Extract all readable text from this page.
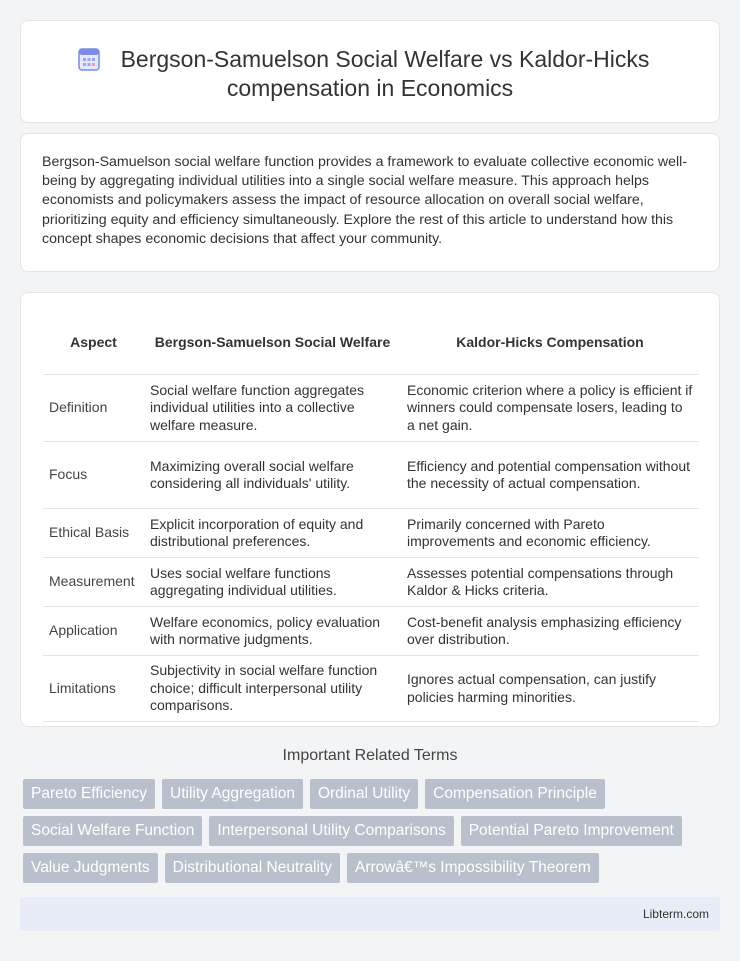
Bergson-Samuelson Social Welfare vs Kaldor-Hicks
compensation in Economics

Bergson-Samuelson social welfare function provides a framework to evaluate collective economic well-being by aggregating individual utilities into a single social welfare measure. This approach helps economists and policymakers assess the impact of resource allocation on overall social welfare, prioritizing equity and efficiency simultaneously. Explore the rest of this article to understand how this concept shapes economic decisions that affect your community.

Aspect	Bergson-Samuelson Social Welfare	Kaldor-Hicks Compensation
Definition	Social welfare function aggregates individual utilities into a collective welfare measure.	Economic criterion where a policy is efficient if winners could compensate losers, leading to a net gain.
Focus	Maximizing overall social welfare considering all individuals' utility.	Efficiency and potential compensation without the necessity of actual compensation.
Ethical Basis	Explicit incorporation of equity and distributional preferences.	Primarily concerned with Pareto improvements and economic efficiency.
Measurement	Uses social welfare functions aggregating individual utilities.	Assesses potential compensations through Kaldor & Hicks criteria.
Application	Welfare economics, policy evaluation with normative judgments.	Cost-benefit analysis emphasizing efficiency over distribution.
Limitations	Subjectivity in social welfare function choice; difficult interpersonal utility comparisons.	Ignores actual compensation, can justify policies harming minorities.
Important Related Terms
Pareto Efficiency	Utility Aggregation	Ordinal Utility	Compensation Principle
Social Welfare Function	Interpersonal Utility Comparisons	Potential Pareto Improvement
Value Judgments	Distributional Neutrality	Arrowâ€™s Impossibility Theorem
Libterm.com
